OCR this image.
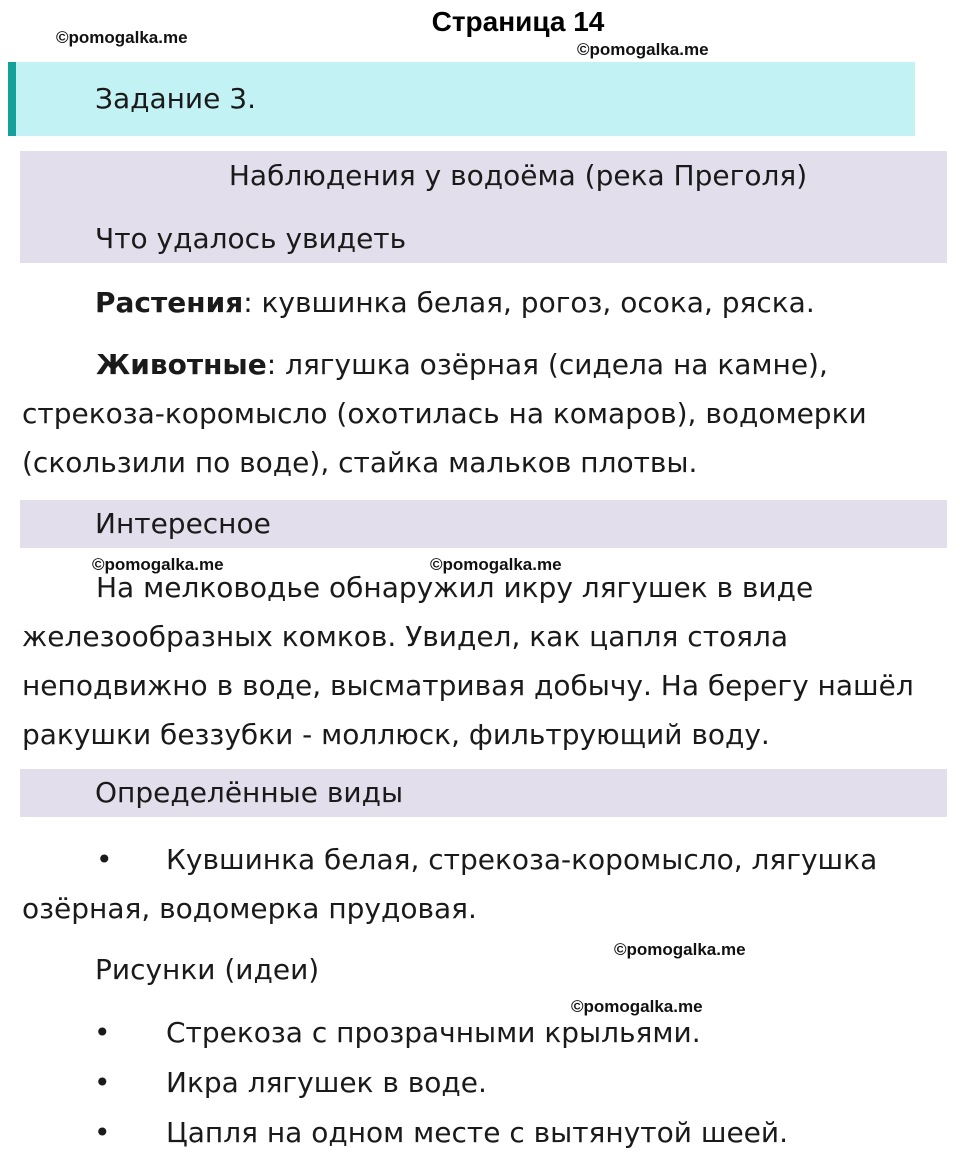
©pomogalka.me
©pomogalka.me
©pomogalka.me	©pomogalka.me
©pomogalka.me
©pomogalka.me
Страница 14
Задание 3.
Наблюдения у водоёма (река Преголя)
Что удалось увидеть
Растения: кувшинка белая, рогоз, осока, ряска.

Животные: лягушка озёрная (сидела на камне), стрекоза-коромысло (охотилась на комаров), водомерки (скользили по воде), стайка мальков плотвы.

Интересное

На мелководье обнаружил икру лягушек в виде железообразных комков. Увидел, как цапля стояла неподвижно в воде, высматривая добычу. На берегу нашёл ракушки беззубки - моллюск, фильтрующий воду.

Определённые виды

• Кувшинка белая, стрекоза-коромысло, лягушка озёрная, водомерка прудовая.

Рисунки (идеи)
• Стрекоза с прозрачными крыльями.
• Икра лягушек в воде.
• Цапля на одном месте с вытянутой шеей.
